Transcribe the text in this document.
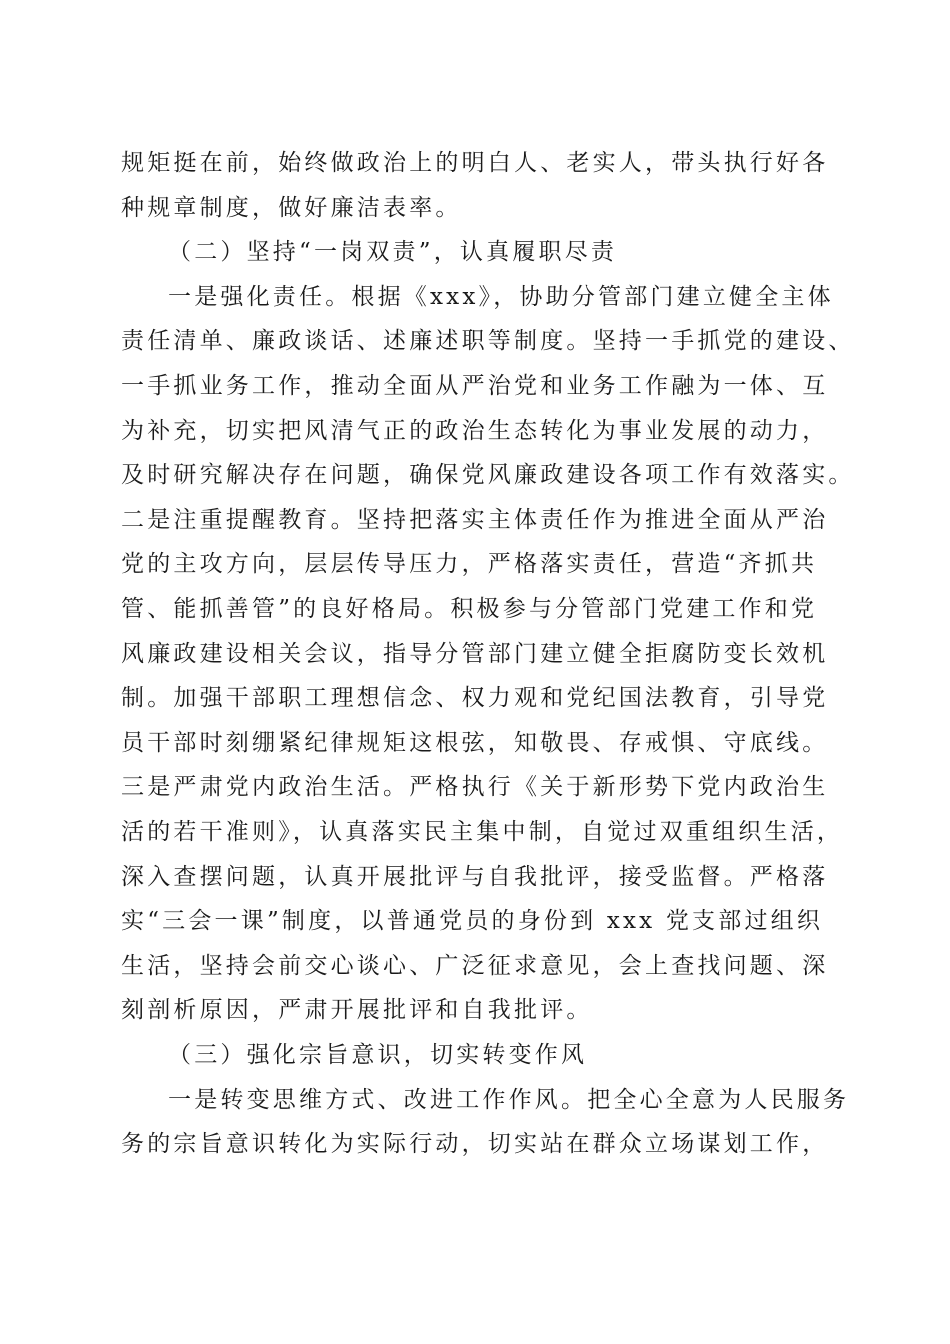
规矩挺在前，始终做政治上的明白人、老实人，带头执行好各
种规章制度，做好廉洁表率。
（二）坚持“一岗双责”，认真履职尽责
一是强化责任。根据《xxx》，协助分管部门建立健全主体
责任清单、廉政谈话、述廉述职等制度。坚持一手抓党的建设、
一手抓业务工作，推动全面从严治党和业务工作融为一体、互
为补充，切实把风清气正的政治生态转化为事业发展的动力，
及时研究解决存在问题，确保党风廉政建设各项工作有效落实。
二是注重提醒教育。坚持把落实主体责任作为推进全面从严治
党的主攻方向，层层传导压力，严格落实责任，营造“齐抓共
管、能抓善管”的良好格局。积极参与分管部门党建工作和党
风廉政建设相关会议，指导分管部门建立健全拒腐防变长效机
制。加强干部职工理想信念、权力观和党纪国法教育，引导党
员干部时刻绷紧纪律规矩这根弦，知敬畏、存戒惧、守底线。
三是严肃党内政治生活。严格执行《关于新形势下党内政治生
活的若干准则》，认真落实民主集中制，自觉过双重组织生活，
深入查摆问题，认真开展批评与自我批评，接受监督。严格落
实“三会一课”制度，以普通党员的身份到 xxx 党支部过组织
生活，坚持会前交心谈心、广泛征求意见，会上查找问题、深
刻剖析原因，严肃开展批评和自我批评。
（三）强化宗旨意识，切实转变作风
一是转变思维方式、改进工作作风。把全心全意为人民服务
务的宗旨意识转化为实际行动，切实站在群众立场谋划工作，
